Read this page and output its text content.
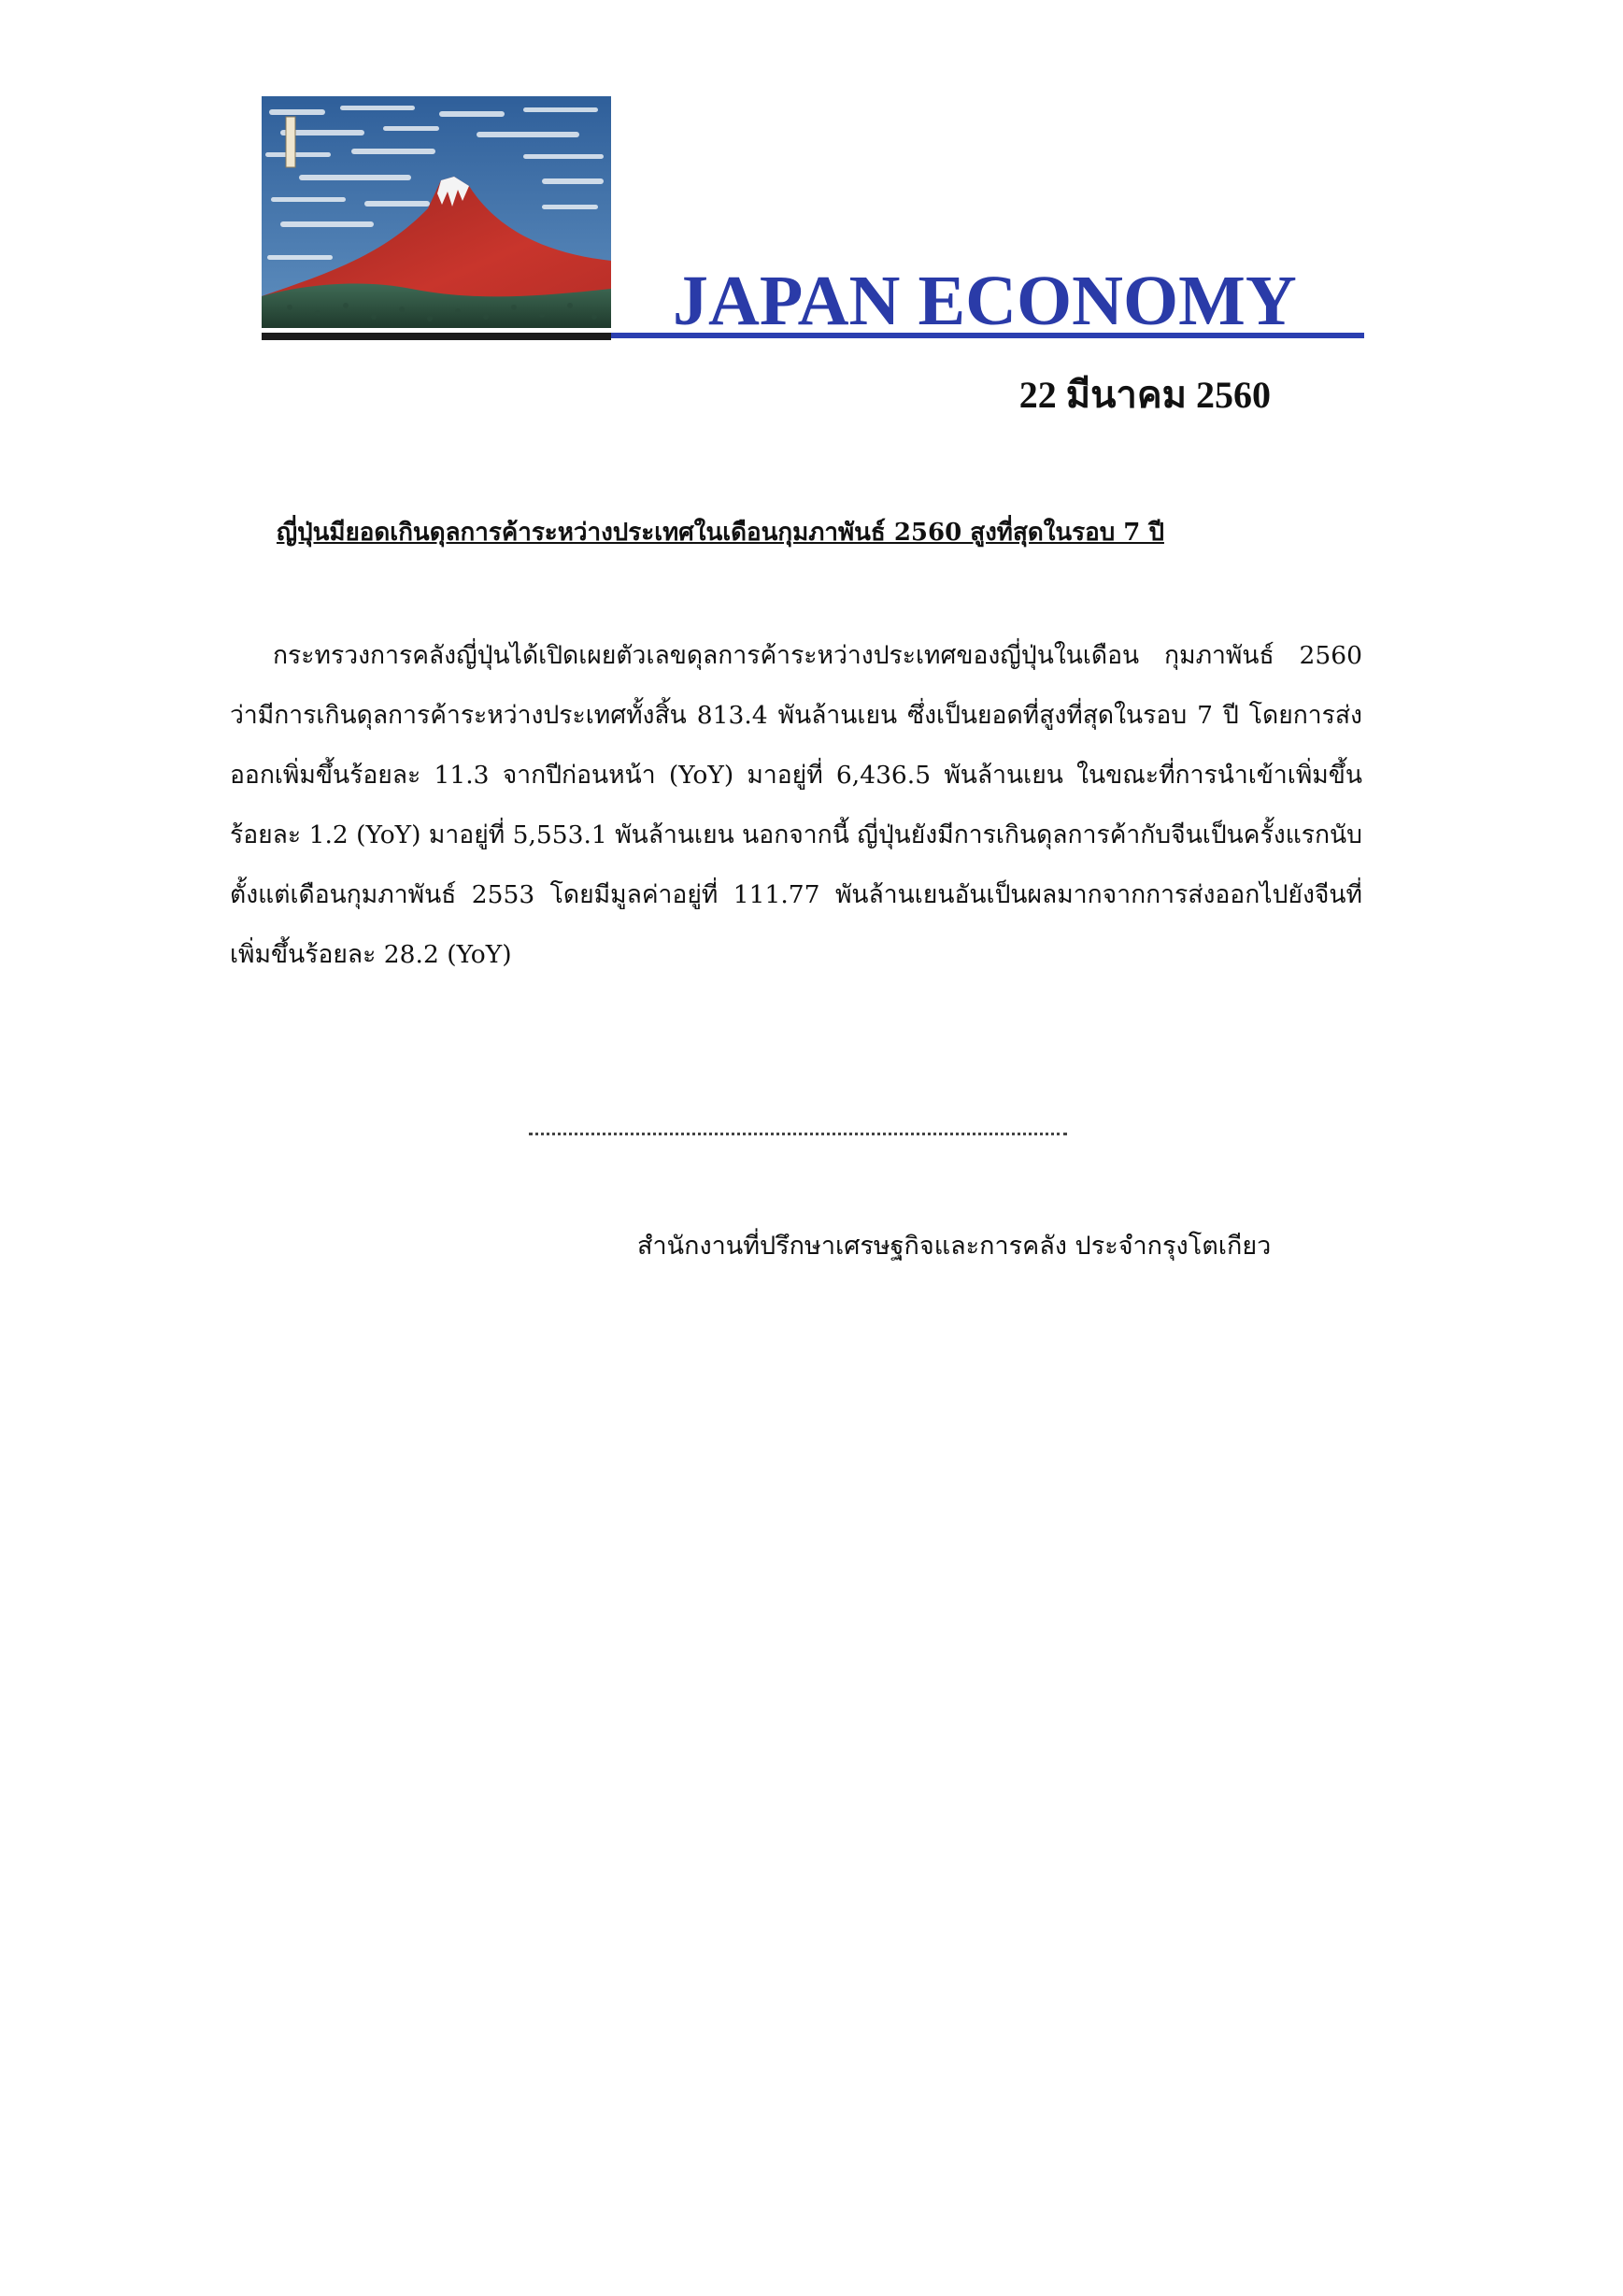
JAPAN ECONOMY
22 มีนาคม 2560
ญี่ปุ่นมียอดเกินดุลการค้าระหว่างประเทศในเดือนกุมภาพันธ์ 2560 สูงที่สุดในรอบ 7 ปี

กระทรวงการคลังญี่ปุ่นได้เปิดเผยตัวเลขดุลการค้าระหว่างประเทศของญี่ปุ่นในเดือน กุมภาพันธ์ 2560 ว่ามีการเกินดุลการค้าระหว่างประเทศทั้งสิ้น 813.4 พันล้านเยน ซึ่งเป็นยอดที่สูงที่สุดในรอบ 7 ปี โดยการส่งออกเพิ่มขึ้นร้อยละ 11.3 จากปีก่อนหน้า (YoY) มาอยู่ที่ 6,436.5 พันล้านเยน ในขณะที่การนำเข้าเพิ่มขึ้นร้อยละ 1.2 (YoY) มาอยู่ที่ 5,553.1 พันล้านเยน นอกจากนี้ ญี่ปุ่นยังมีการเกินดุลการค้ากับจีนเป็นครั้งแรกนับตั้งแต่เดือนกุมภาพันธ์ 2553 โดยมีมูลค่าอยู่ที่ 111.77 พันล้านเยนอันเป็นผลมากจากการส่งออกไปยังจีนที่เพิ่มขึ้นร้อยละ 28.2 (YoY)

สำนักงานที่ปรึกษาเศรษฐกิจและการคลัง ประจำกรุงโตเกียว
